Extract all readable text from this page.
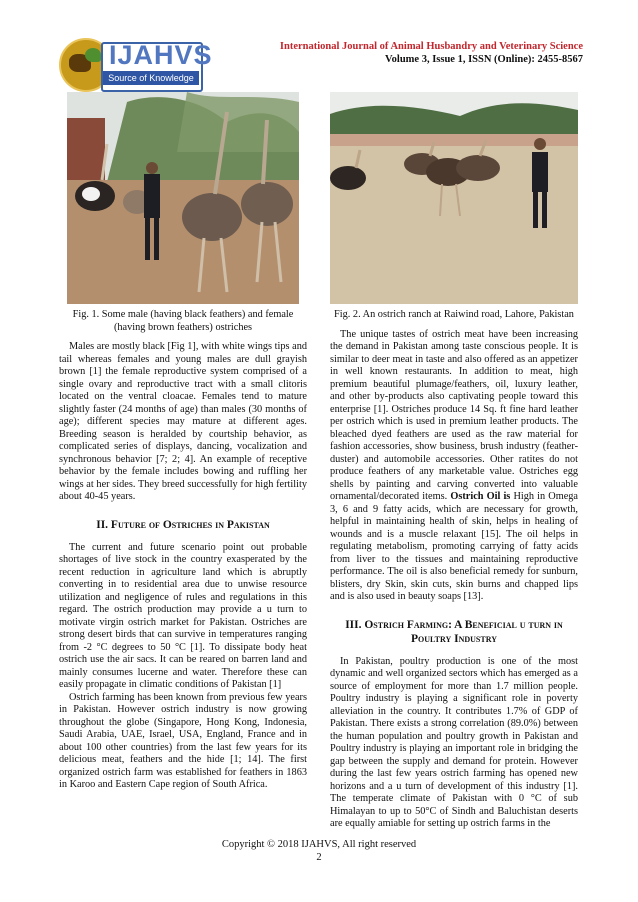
IJAHVS
Source of Knowledge
International Journal of Animal Husbandry and Veterinary Science
Volume 3, Issue 1, ISSN (Online): 2455-8567
Fig. 1. Some male (having black feathers) and female (having brown feathers) ostriches

Males are mostly black [Fig 1], with white wings tips and tail whereas females and young males are dull grayish brown [1] the female reproductive system comprised of a single ovary and reproductive tract with a small clitoris located on the ventral cloacae. Females tend to mature slightly faster (24 months of age) than males (30 months of age); different species may mature at different ages. Breeding season is heralded by courtship behavior, as complicated series of displays, dancing, vocalization and synchronous behavior [7; 2; 4]. An example of receptive behavior by the female includes bowing and ruffling her wings at her sides. They breed successfully for high fertility about 40-45 years.

II. Future of Ostriches in Pakistan

The current and future scenario point out probable shortages of live stock in the country exasperated by the recent reduction in agriculture land which is abruptly converting in to residential area due to unwise resource utilization and negligence of rules and regulations in this regard. The ostrich production may provide a u turn to motivate virgin ostrich market for Pakistan. Ostriches are strong desert birds that can survive in temperatures ranging from -2 °C degrees to 50 °C [1]. To dissipate body heat ostrich use the air sacs. It can be reared on barren land and mainly consumes lucerne and water. Therefore these can easily propagate in climatic conditions of Pakistan [1]

Ostrich farming has been known from previous few years in Pakistan. However ostrich industry is now growing throughout the globe (Singapore, Hong Kong, Indonesia, Saudi Arabia, UAE, Israel, USA, England, France and in about 100 other countries) from the last few years for its delicious meat, feathers and the hide [1; 14]. The first organized ostrich farm was established for feathers in 1863 in Karoo and Eastern Cape region of South Africa.

Fig. 2. An ostrich ranch at Raiwind road, Lahore, Pakistan

The unique tastes of ostrich meat have been increasing the demand in Pakistan among taste conscious people. It is similar to deer meat in taste and also offered as an appetizer in well known restaurants. In addition to meat, high premium beautiful plumage/feathers, oil, luxury leather, and other by-products also captivating people toward this enterprise [1]. Ostriches produce 14 Sq. ft fine hard leather per ostrich which is used in premium leather products. The bleached dyed feathers are used as the raw material for fashion accessories, show business, brush industry (feather-duster) and automobile accessories. Other ratites do not produce feathers of any marketable value. Ostriches egg shells by painting and carving converted into valuable ornamental/decorated items. Ostrich Oil is High in Omega 3, 6 and 9 fatty acids, which are necessary for growth, helpful in maintaining health of skin, helps in healing of wounds and is a muscle relaxant [15]. The oil helps in regulating metabolism, promoting carrying of fatty acids from liver to the tissues and maintaining reproductive performance. The oil is also beneficial remedy for sunburn, blisters, dry Skin, skin cuts, skin burns and chapped lips and is also used in beauty soaps [13].

III. Ostrich Farming: A Beneficial u turn in Poultry Industry

In Pakistan, poultry production is one of the most dynamic and well organized sectors which has emerged as a source of employment for more than 1.7 million people. Poultry industry is playing a significant role in poverty alleviation in the country. It contributes 1.7% of GDP of Pakistan. There exists a strong correlation (89.0%) between the human population and poultry growth in Pakistan and Poultry industry is playing an important role in bridging the gap between the supply and demand for protein. However during the last few years ostrich farming has opened new horizons and a u turn of development of this industry [1]. The temperate climate of Pakistan with 0 °C of sub Himalayan to up to 50°C of Sindh and Baluchistan deserts are equally amiable for setting up ostrich farms in the

Copyright © 2018 IJAHVS, All right reserved
2
